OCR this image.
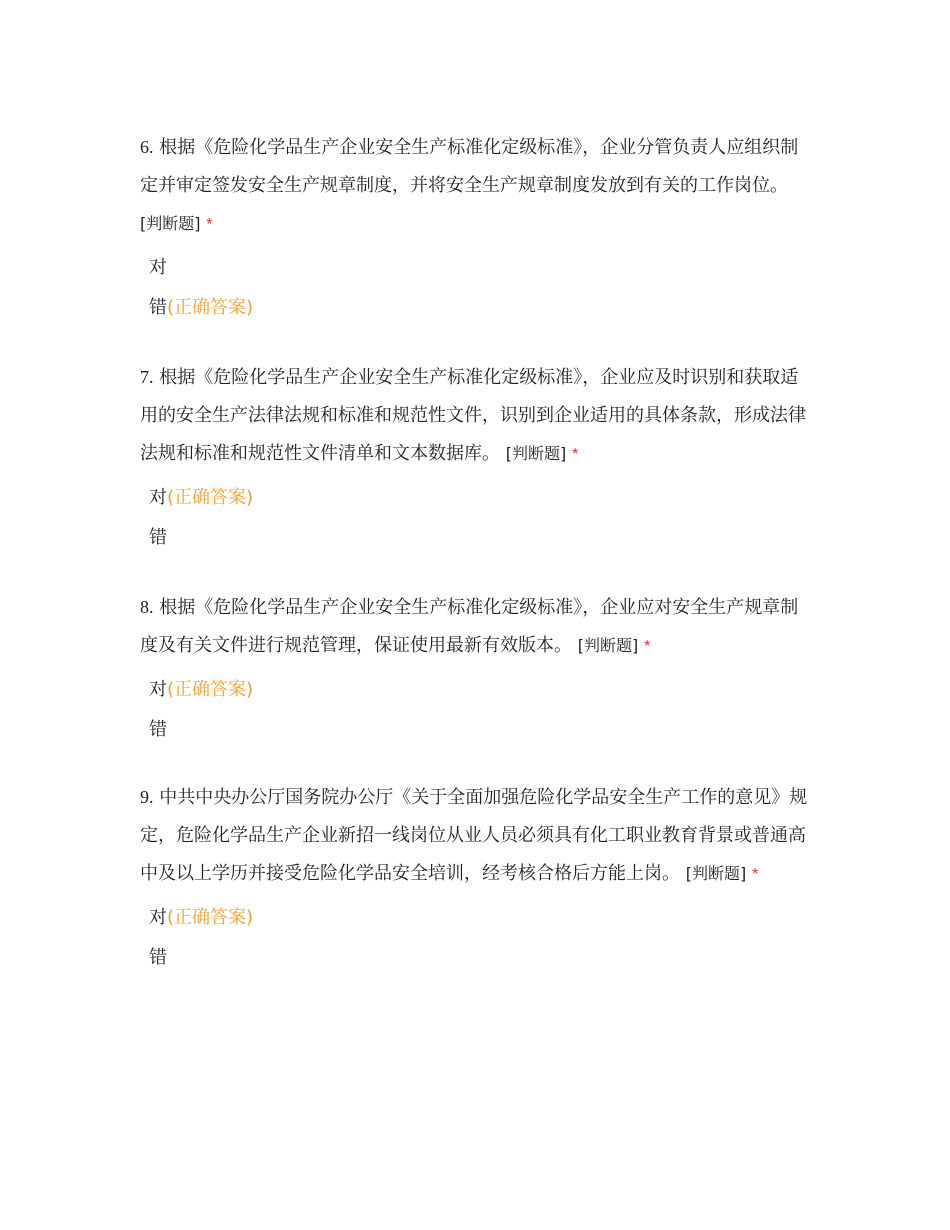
6. 根据《危险化学品生产企业安全生产标准化定级标准》，企业分管负责人应组织制定并审定签发安全生产规章制度，并将安全生产规章制度发放到有关的工作岗位。 [判断题] *

对
错(正确答案)

7. 根据《危险化学品生产企业安全生产标准化定级标准》，企业应及时识别和获取适用的安全生产法律法规和标准和规范性文件，识别到企业适用的具体条款，形成法律法规和标准和规范性文件清单和文本数据库。 [判断题] *

对(正确答案)
错

8. 根据《危险化学品生产企业安全生产标准化定级标准》，企业应对安全生产规章制度及有关文件进行规范管理，保证使用最新有效版本。 [判断题] *

对(正确答案)
错

9. 中共中央办公厅国务院办公厅《关于全面加强危险化学品安全生产工作的意见》规定，危险化学品生产企业新招一线岗位从业人员必须具有化工职业教育背景或普通高中及以上学历并接受危险化学品安全培训，经考核合格后方能上岗。 [判断题] *

对(正确答案)
错
